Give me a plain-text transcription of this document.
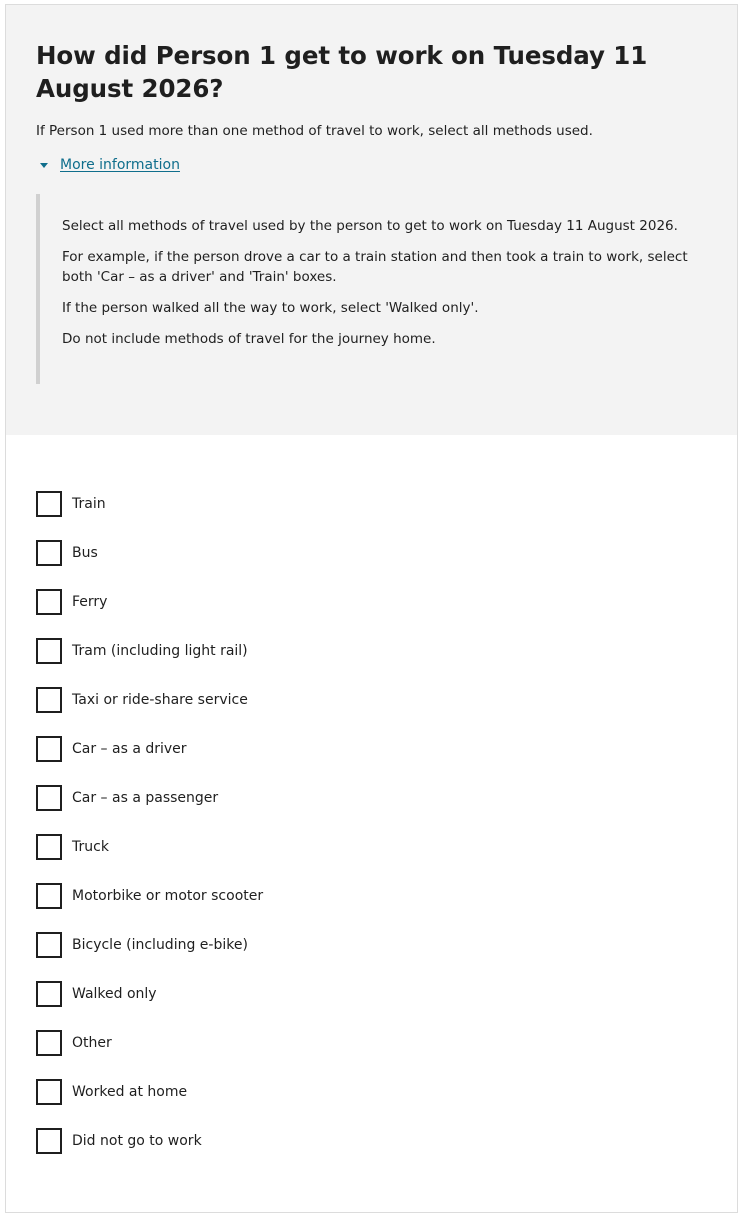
How did Person 1 get to work on Tuesday 11 August 2026?

If Person 1 used more than one method of travel to work, select all methods used.

More information

Select all methods of travel used by the person to get to work on Tuesday 11 August 2026.

For example, if the person drove a car to a train station and then took a train to work, select both 'Car – as a driver' and 'Train' boxes.

If the person walked all the way to work, select 'Walked only'.

Do not include methods of travel for the journey home.

Train
Bus
Ferry
Tram (including light rail)
Taxi or ride-share service
Car – as a driver
Car – as a passenger
Truck
Motorbike or motor scooter
Bicycle (including e-bike)
Walked only
Other
Worked at home
Did not go to work
